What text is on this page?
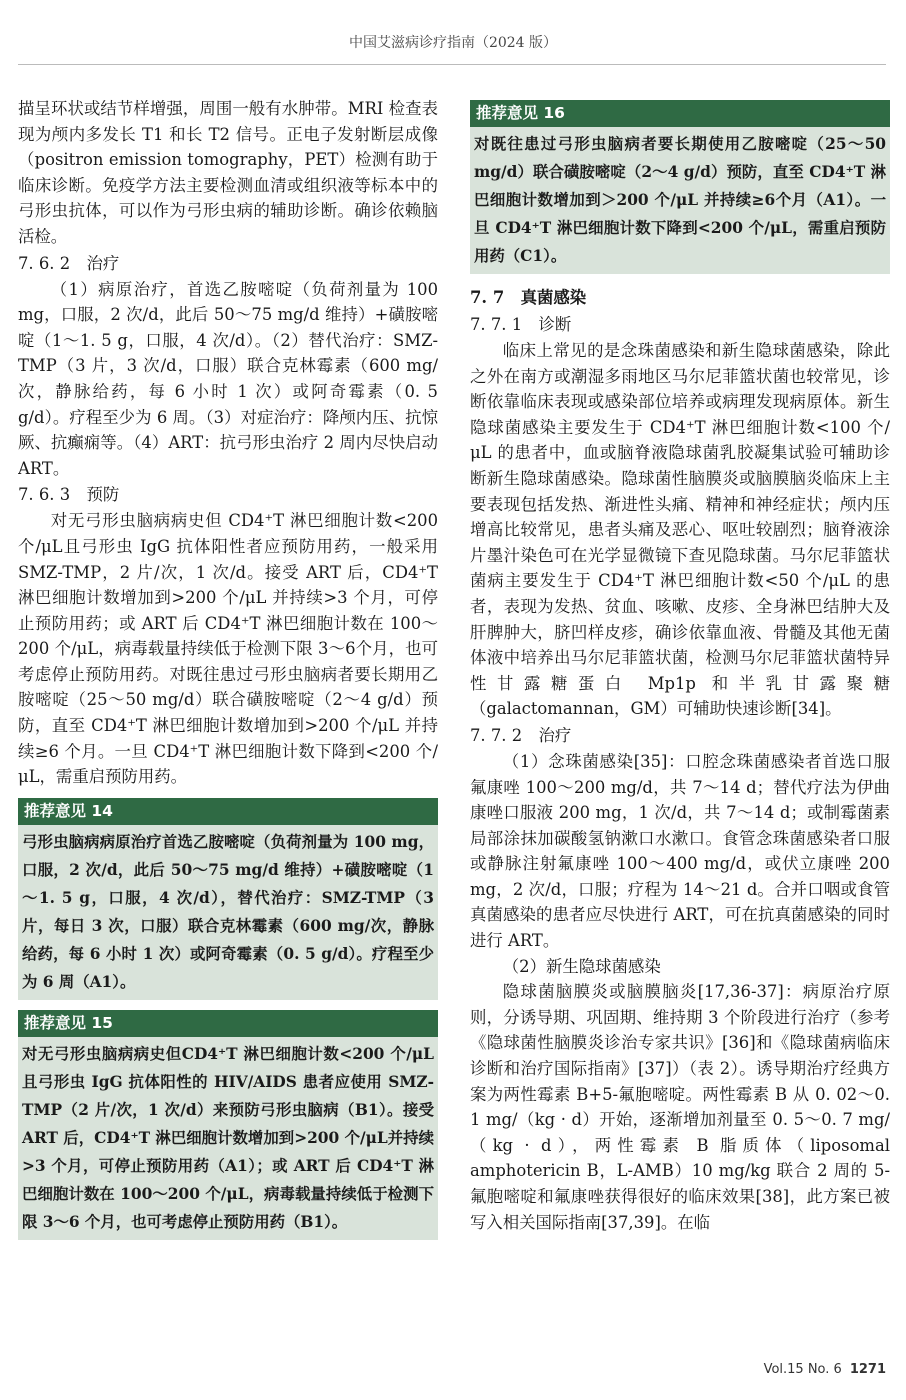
中国艾滋病诊疗指南（2024 版）

描呈环状或结节样增强，周围一般有水肿带。MRI 检查表现为颅内多发长 T1 和长 T2 信号。正电子发射断层成像（positron emission tomography，PET）检测有助于临床诊断。免疫学方法主要检测血清或组织液等标本中的弓形虫抗体，可以作为弓形虫病的辅助诊断。确诊依赖脑活检。

7. 6. 2　治疗

（1）病原治疗，首选乙胺嘧啶（负荷剂量为 100 mg，口服，2 次/d，此后 50～75 mg/d 维持）+磺胺嘧啶（1～1. 5 g，口服，4 次/d）。（2）替代治疗：SMZ-TMP（3 片，3 次/d，口服）联合克林霉素（600 mg/次，静脉给药，每 6 小时 1 次）或阿奇霉素（0. 5 g/d）。疗程至少为 6 周。（3）对症治疗：降颅内压、抗惊厥、抗癫痫等。（4）ART：抗弓形虫治疗 2 周内尽快启动 ART。

7. 6. 3　预防

对无弓形虫脑病病史但 CD4⁺T 淋巴细胞计数<200 个/μL且弓形虫 IgG 抗体阳性者应预防用药，一般采用 SMZ-TMP，2 片/次，1 次/d。接受 ART 后，CD4⁺T 淋巴细胞计数增加到>200 个/μL 并持续>3 个月，可停止预防用药；或 ART 后 CD4⁺T 淋巴细胞计数在 100～200 个/μL，病毒载量持续低于检测下限 3～6个月，也可考虑停止预防用药。对既往患过弓形虫脑病者要长期用乙胺嘧啶（25～50 mg/d）联合磺胺嘧啶（2～4 g/d）预防，直至 CD4⁺T 淋巴细胞计数增加到>200 个/μL 并持续≥6 个月。一旦 CD4⁺T 淋巴细胞计数下降到<200 个/μL，需重启预防用药。

推荐意见 14
弓形虫脑病病原治疗首选乙胺嘧啶（负荷剂量为 100 mg，口服，2 次/d，此后 50～75 mg/d 维持）+磺胺嘧啶（1～1. 5 g，口服，4 次/d），替代治疗：SMZ-TMP（3片，每日 3 次，口服）联合克林霉素（600 mg/次，静脉给药，每 6 小时 1 次）或阿奇霉素（0. 5 g/d）。疗程至少为 6 周（A1）。
推荐意见 15
对无弓形虫脑病病史但CD4⁺T 淋巴细胞计数<200 个/μL且弓形虫 IgG 抗体阳性的 HIV/AIDS 患者应使用 SMZ-TMP（2 片/次，1 次/d）来预防弓形虫脑病（B1）。接受 ART 后，CD4⁺T 淋巴细胞计数增加到>200 个/μL并持续>3 个月，可停止预防用药（A1）；或 ART 后 CD4⁺T 淋巴细胞计数在 100～200 个/μL，病毒载量持续低于检测下限 3～6 个月，也可考虑停止预防用药（B1）。
推荐意见 16
对既往患过弓形虫脑病者要长期使用乙胺嘧啶（25～50 mg/d）联合磺胺嘧啶（2～4 g/d）预防，直至 CD4⁺T 淋巴细胞计数增加到＞200 个/μL 并持续≥6个月（A1）。一旦 CD4⁺T 淋巴细胞计数下降到<200 个/μL，需重启预防用药（C1）。

7. 7　真菌感染

7. 7. 1　诊断

临床上常见的是念珠菌感染和新生隐球菌感染，除此之外在南方或潮湿多雨地区马尔尼菲篮状菌也较常见，诊断依靠临床表现或感染部位培养或病理发现病原体。新生隐球菌感染主要发生于 CD4⁺T 淋巴细胞计数<100 个/μL 的患者中，血或脑脊液隐球菌乳胶凝集试验可辅助诊断新生隐球菌感染。隐球菌性脑膜炎或脑膜脑炎临床上主要表现包括发热、渐进性头痛、精神和神经症状；颅内压增高比较常见，患者头痛及恶心、呕吐较剧烈；脑脊液涂片墨汁染色可在光学显微镜下查见隐球菌。马尔尼菲篮状菌病主要发生于 CD4⁺T 淋巴细胞计数<50 个/μL 的患者，表现为发热、贫血、咳嗽、皮疹、全身淋巴结肿大及肝脾肿大，脐凹样皮疹，确诊依靠血液、骨髓及其他无菌体液中培养出马尔尼菲篮状菌，检测马尔尼菲篮状菌特异性甘露糖蛋白 Mp1p 和半乳甘露聚糖（galactomannan，GM）可辅助快速诊断[34]。

7. 7. 2　治疗

（1）念珠菌感染[35]：口腔念珠菌感染者首选口服氟康唑 100～200 mg/d，共 7～14 d；替代疗法为伊曲康唑口服液 200 mg，1 次/d，共 7～14 d；或制霉菌素局部涂抹加碳酸氢钠漱口水漱口。食管念珠菌感染者口服或静脉注射氟康唑 100～400 mg/d，或伏立康唑 200 mg，2 次/d，口服；疗程为 14～21 d。合并口咽或食管真菌感染的患者应尽快进行 ART，可在抗真菌感染的同时进行 ART。

（2）新生隐球菌感染

隐球菌脑膜炎或脑膜脑炎[17,36-37]：病原治疗原则，分诱导期、巩固期、维持期 3 个阶段进行治疗（参考《隐球菌性脑膜炎诊治专家共识》[36]和《隐球菌病临床诊断和治疗国际指南》[37]）（表 2）。诱导期治疗经典方案为两性霉素 B+5-氟胞嘧啶。两性霉素 B 从 0. 02～0. 1 mg/（kg · d）开始，逐渐增加剂量至 0. 5～0. 7 mg/（kg · d），两性霉素 B 脂质体（liposomal amphotericin B，L-AMB）10 mg/kg 联合 2 周的 5-氟胞嘧啶和氟康唑获得很好的临床效果[38]，此方案已被写入相关国际指南[37,39]。在临

Vol.15 No. 6 1271
